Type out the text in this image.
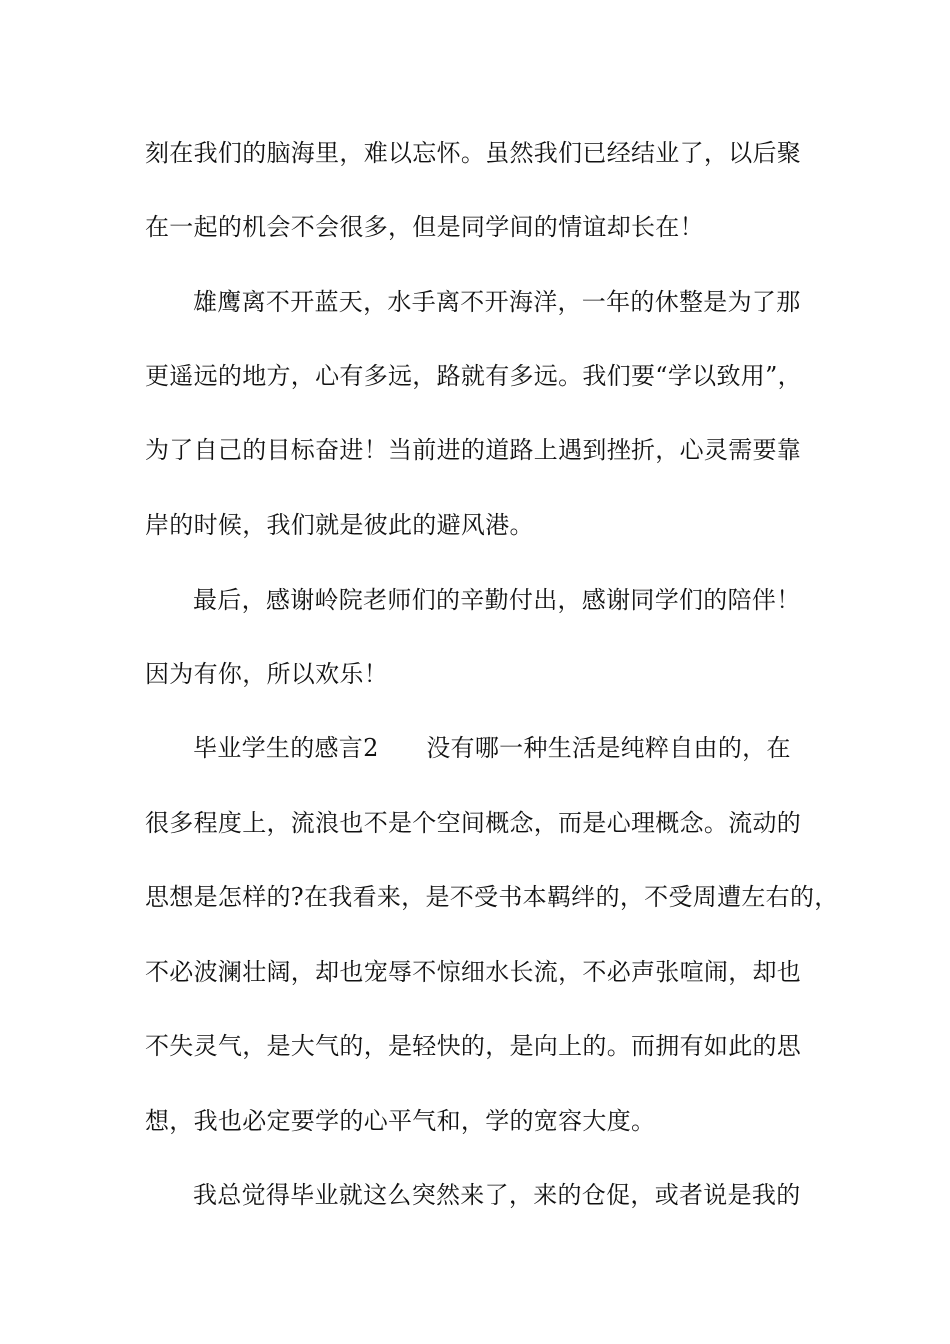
刻在我们的脑海里，难以忘怀。虽然我们已经结业了，以后聚
在一起的机会不会很多，但是同学间的情谊却长在！
雄鹰离不开蓝天，水手离不开海洋，一年的休整是为了那
更遥远的地方，心有多远，路就有多远。我们要“学以致用”，
为了自己的目标奋进！当前进的道路上遇到挫折，心灵需要靠
岸的时候，我们就是彼此的避风港。
最后，感谢岭院老师们的辛勤付出，感谢同学们的陪伴！
因为有你，所以欢乐！
毕业学生的感言2      没有哪一种生活是纯粹自由的，在
很多程度上，流浪也不是个空间概念，而是心理概念。流动的
思想是怎样的?在我看来，是不受书本羁绊的，不受周遭左右的，
不必波澜壮阔，却也宠辱不惊细水长流，不必声张喧闹，却也
不失灵气，是大气的，是轻快的，是向上的。而拥有如此的思
想，我也必定要学的心平气和，学的宽容大度。
我总觉得毕业就这么突然来了，来的仓促，或者说是我的
